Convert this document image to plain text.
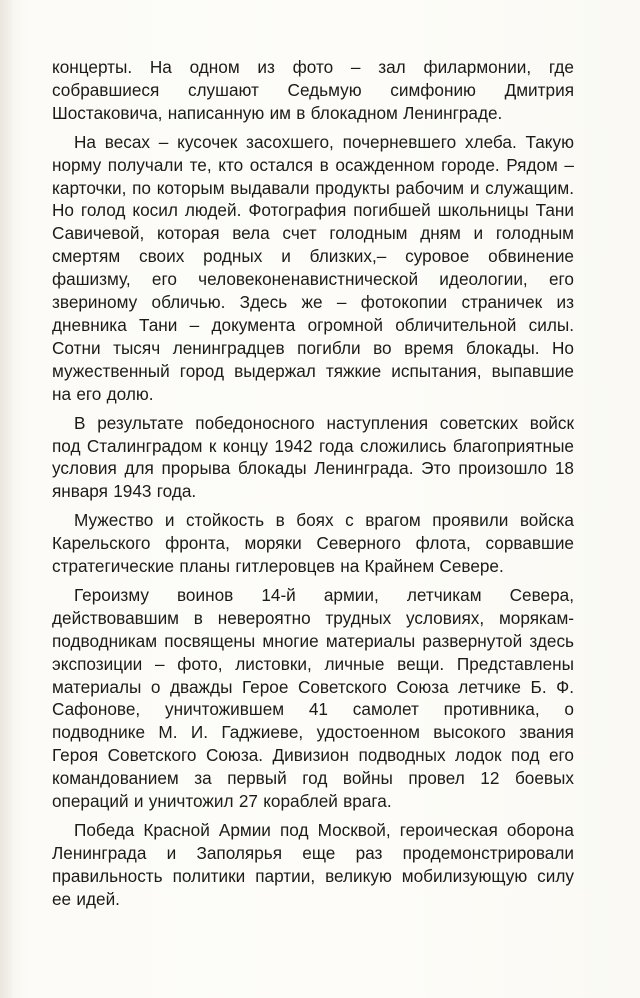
концерты. На одном из фото – зал филармонии, где собравшиеся слушают Седьмую симфонию Дмитрия Шостаковича, написанную им в блокадном Ленинграде.

На весах – кусочек засохшего, почерневшего хлеба. Такую норму получали те, кто остался в осажденном городе. Рядом – карточки, по которым выдавали продукты рабочим и служащим. Но голод косил людей. Фотография погибшей школьницы Тани Савичевой, которая вела счет голодным дням и голодным смертям своих родных и близких,– суровое обвинение фашизму, его человеконенавистнической идеологии, его звериному обличью. Здесь же – фотокопии страничек из дневника Тани – документа огромной обличительной силы. Сотни тысяч ленинградцев погибли во время блокады. Но мужественный город выдержал тяжкие испытания, выпавшие на его долю.

В результате победоносного наступления советских войск под Сталинградом к концу 1942 года сложились благоприятные условия для прорыва блокады Ленинграда. Это произошло 18 января 1943 года.

Мужество и стойкость в боях с врагом проявили войска Карельского фронта, моряки Северного флота, сорвавшие стратегические планы гитлеровцев на Крайнем Севере.

Героизму воинов 14-й армии, летчикам Севера, действовавшим в невероятно трудных условиях, морякам-подводникам посвящены многие материалы развернутой здесь экспозиции – фото, листовки, личные вещи. Представлены материалы о дважды Герое Советского Союза летчике Б. Ф. Сафонове, уничтожившем 41 самолет противника, о подводнике М. И. Гаджиеве, удостоенном высокого звания Героя Советского Союза. Дивизион подводных лодок под его командованием за первый год войны провел 12 боевых операций и уничтожил 27 кораблей врага.

Победа Красной Армии под Москвой, героическая оборона Ленинграда и Заполярья еще раз продемонстрировали правильность политики партии, великую мобилизующую силу ее идей.
